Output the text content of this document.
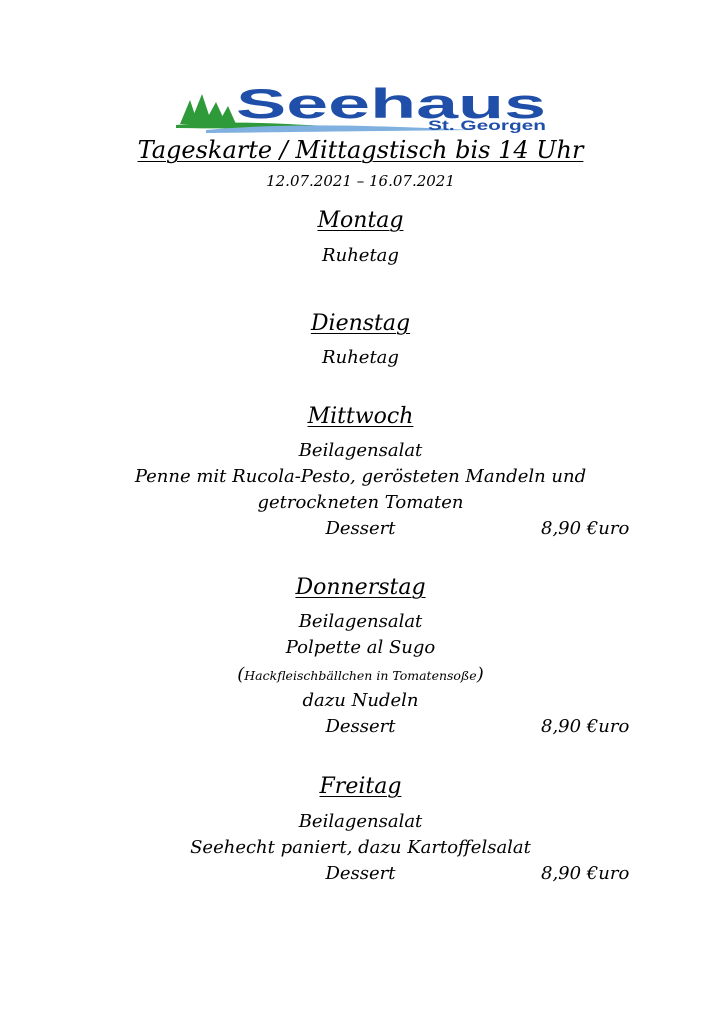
Seehaus
St. Georgen
Tageskarte / Mittagstisch bis 14 Uhr
12.07.2021 – 16.07.2021
Montag
Ruhetag
Dienstag
Ruhetag
Mittwoch
Beilagensalat
Penne mit Rucola-Pesto, gerösteten Mandeln und
getrockneten Tomaten
Dessert	8,90 €uro
Donnerstag
Beilagensalat
Polpette al Sugo
(Hackfleischbällchen in Tomatensoße)
dazu Nudeln
Dessert	8,90 €uro
Freitag
Beilagensalat
Seehecht paniert, dazu Kartoffelsalat
Dessert	8,90 €uro
